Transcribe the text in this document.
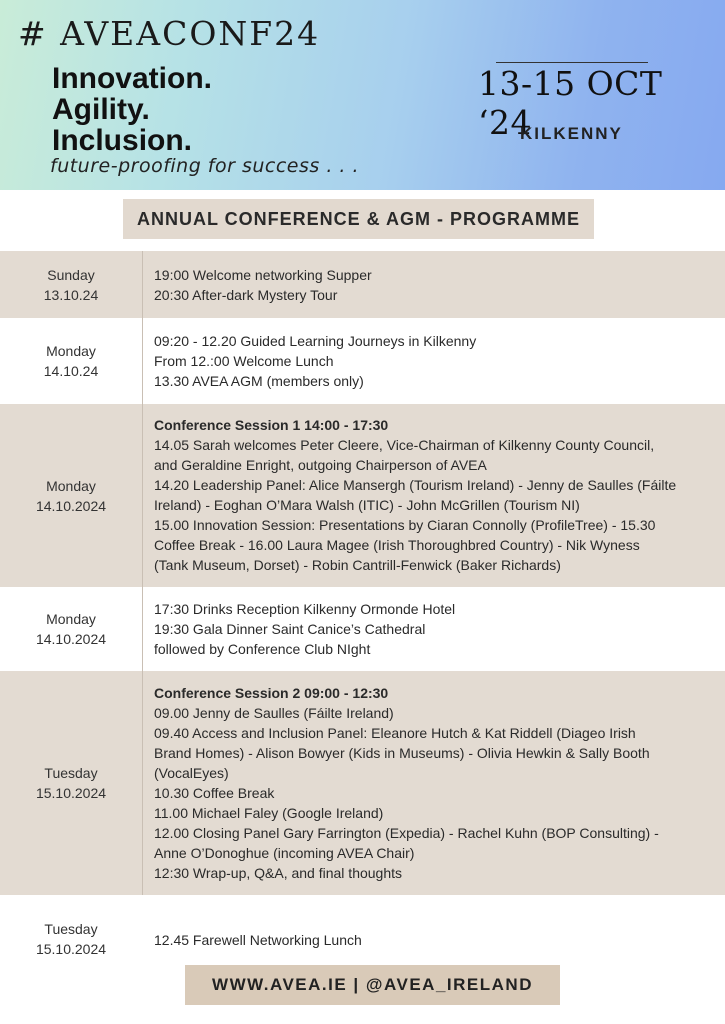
# AVEACONF24
Innovation.
Agility.
Inclusion.
future-proofing for success . . .
13-15 OCT ‘24
KILKENNY
ANNUAL CONFERENCE & AGM - PROGRAMME
Sunday
13.10.24
19:00 Welcome networking Supper
20:30 After-dark Mystery Tour
Monday
14.10.24
09:20 - 12.20 Guided Learning Journeys in Kilkenny
From 12.:00 Welcome Lunch
13.30 AVEA AGM (members only)
Monday
14.10.2024
Conference Session 1 14:00 - 17:30
14.05 Sarah welcomes Peter Cleere, Vice-Chairman of Kilkenny County Council,
and Geraldine Enright, outgoing Chairperson of AVEA
14.20 Leadership Panel: Alice Mansergh (Tourism Ireland) - Jenny de Saulles (Fáilte
Ireland) - Eoghan O’Mara Walsh (ITIC) - John McGrillen (Tourism NI)
15.00 Innovation Session: Presentations by Ciaran Connolly (ProfileTree) - 15.30
Coffee Break - 16.00 Laura Magee (Irish Thoroughbred Country) - Nik Wyness
(Tank Museum, Dorset) - Robin Cantrill-Fenwick (Baker Richards)
Monday
14.10.2024
17:30 Drinks Reception Kilkenny Ormonde Hotel
19:30 Gala Dinner Saint Canice’s Cathedral
followed by Conference Club NIght
Tuesday
15.10.2024
Conference Session 2 09:00 - 12:30
09.00 Jenny de Saulles (Fáilte Ireland)
09.40 Access and Inclusion Panel: Eleanore Hutch & Kat Riddell (Diageo Irish
Brand Homes) - Alison Bowyer (Kids in Museums) - Olivia Hewkin & Sally Booth
(VocalEyes)
10.30 Coffee Break
11.00 Michael Faley (Google Ireland)
12.00 Closing Panel Gary Farrington (Expedia) - Rachel Kuhn (BOP Consulting) -
Anne O’Donoghue (incoming AVEA Chair)
12:30 Wrap-up, Q&A, and final thoughts
Tuesday
15.10.2024
12.45 Farewell Networking Lunch
WWW.AVEA.IE | @AVEA_IRELAND
